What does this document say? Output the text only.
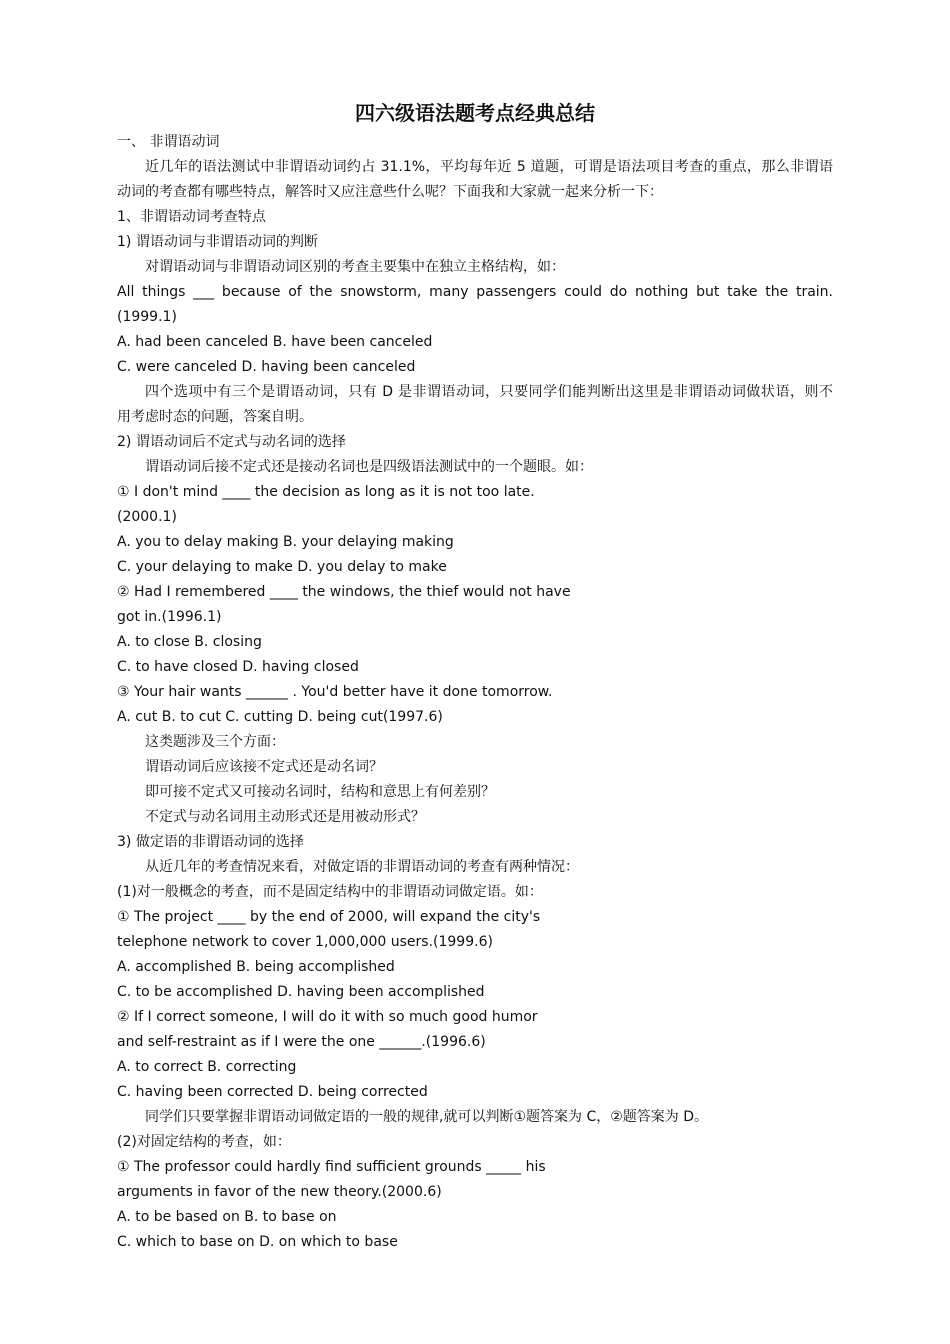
四六级语法题考点经典总结
一、 非谓语动词
近几年的语法测试中非谓语动词约占 31.1%，平均每年近 5 道题，可谓是语法项目考查的重点，那么非谓语
动词的考查都有哪些特点，解答时又应注意些什么呢？下面我和大家就一起来分析一下：
1、非谓语动词考查特点
1) 谓语动词与非谓语动词的判断
对谓语动词与非谓语动词区别的考查主要集中在独立主格结构，如：
All things ___ because of the snowstorm, many passengers could do nothing but take the train.
(1999.1)
A. had been canceled B. have been canceled
C. were canceled D. having been canceled
四个选项中有三个是谓语动词，只有 D 是非谓语动词，只要同学们能判断出这里是非谓语动词做状语，则不
用考虑时态的问题，答案自明。
2) 谓语动词后不定式与动名词的选择
谓语动词后接不定式还是接动名词也是四级语法测试中的一个题眼。如：
① I don't mind ____ the decision as long as it is not too late.
(2000.1)
A. you to delay making B. your delaying making
C. your delaying to make D. you delay to make
② Had I remembered ____ the windows, the thief would not have
got in.(1996.1)
A. to close B. closing
C. to have closed D. having closed
③ Your hair wants ______ . You'd better have it done tomorrow.
A. cut B. to cut C. cutting D. being cut(1997.6)
这类题涉及三个方面：
谓语动词后应该接不定式还是动名词？
即可接不定式又可接动名词时，结构和意思上有何差别？
不定式与动名词用主动形式还是用被动形式？
3) 做定语的非谓语动词的选择
从近几年的考查情况来看，对做定语的非谓语动词的考查有两种情况：
(1)对一般概念的考查，而不是固定结构中的非谓语动词做定语。如：
① The project ____ by the end of 2000, will expand the city's
telephone network to cover 1,000,000 users.(1999.6)
A. accomplished B. being accomplished
C. to be accomplished D. having been accomplished
② If I correct someone, I will do it with so much good humor
and self-restraint as if I were the one ______.(1996.6)
A. to correct B. correcting
C. having been corrected D. being corrected
同学们只要掌握非谓语动词做定语的一般的规律,就可以判断①题答案为 C，②题答案为 D。
(2)对固定结构的考查，如：
① The professor could hardly find sufficient grounds _____ his
arguments in favor of the new theory.(2000.6)
A. to be based on B. to base on
C. which to base on D. on which to base
